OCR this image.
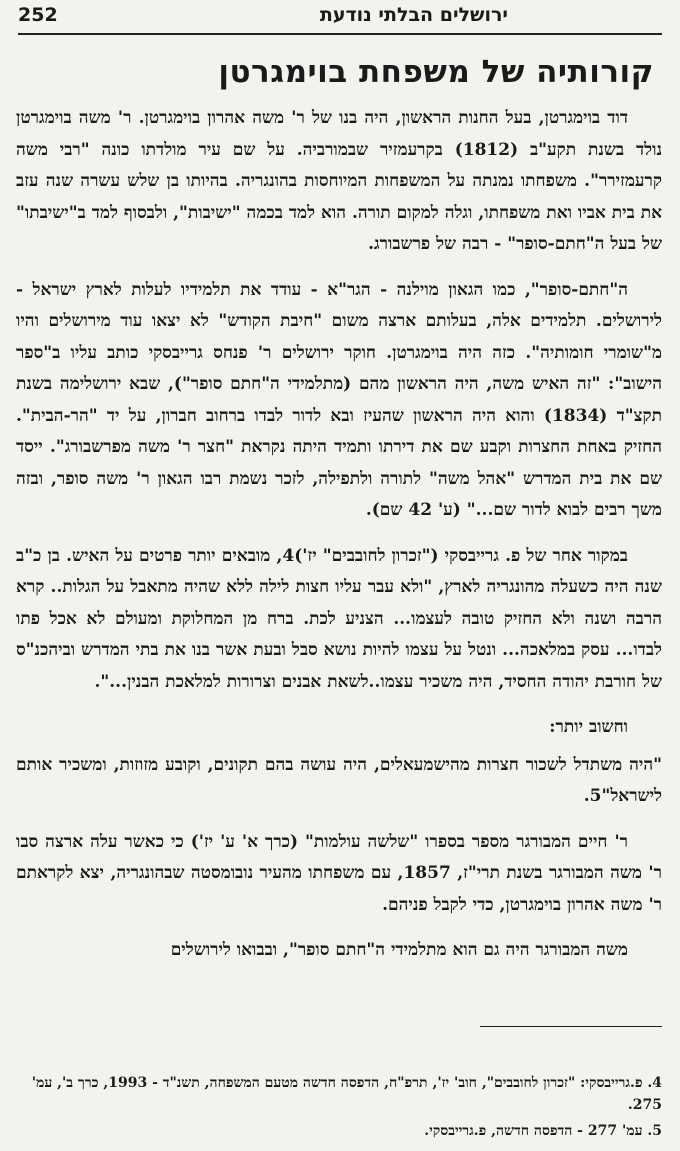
ירושלים הבלתי נודעת
252
קורותיה של משפחת בוימגרטן

דוד בוימגרטן, בעל החנות הראשון, היה בנו של ר' משה אהרון בוימגרטן. ר' משה בוימגרטן נולד בשנת תקע"ב (1812) בקרעמזיר שבמורביה. על שם עיר מולדתו כונה "רבי משה קרעמזירר". משפחתו נמנתה על המשפחות המיוחסות בהונגריה. בהיותו בן שלש עשרה שנה עזב את בית אביו ואת משפחתו, וגלה למקום תורה. הוא למד בכמה "ישיבות", ולבסוף למד ב"ישיבתו" של בעל ה"חתם-סופר" - רבה של פרשבורג.

ה"חתם-סופר", כמו הגאון מוילנה - הגר"א - עודד את תלמידיו לעלות לארץ ישראל - לירושלים. תלמידים אלה, בעלותם ארצה משום "חיבת הקודש" לא יצאו עוד מירושלים והיו מ"שומרי חומותיה". כזה היה בוימגרטן. חוקר ירושלים ר' פנחס גרייבסקי כותב עליו ב"ספר הישוב": "זה האיש משה, היה הראשון מהם (מתלמידי ה"חתם סופר"), שבא ירושלימה בשנת תקצ"ד (1834) והוא היה הראשון שהעיז ובא לדור לבדו ברחוב חברון, על יד "הר-הבית". החזיק באחת החצרות וקבע שם את דירתו ותמיד היתה נקראת "חצר ר' משה מפרשבורג". ייסד שם את בית המדרש "אהל משה" לתורה ולתפילה, לזכר נשמת רבו הגאון ר' משה סופר, ובזה משך רבים לבוא לדור שם..." (ע' 42 שם).

במקור אחר של פ. גרייבסקי ("זכרון לחובבים" יז')4, מובאים יותר פרטים על האיש. בן כ"ב שנה היה כשעלה מהונגריה לארץ, "ולא עבר עליו חצות לילה ללא שהיה מתאבל על הגלות.. קרא הרבה ושנה ולא החזיק טובה לעצמו... הצניע לכת. ברח מן המחלוקת ומעולם לא אכל פתו לבדו... עסק במלאכה... ונטל על עצמו להיות נושא סבל ובעת אשר בנו את בתי המדרש וביהכנ"ס של חורבת יהודה החסיד, היה משכיר עצמו..לשאת אבנים וצרורות למלאכת הבנין...".

וחשוב יותר:

"היה משתדל לשכור חצרות מהישמעאלים, היה עושה בהם תקונים, וקובע מזוזות, ומשכיר אותם לישראל"5.

ר' חיים המבורגר מספר בספרו "שלשה עולמות" (כרך א' ע' יז') כי כאשר עלה ארצה סבו ר' משה המבורגר בשנת תרי"ז, 1857, עם משפחתו מהעיר נובומסטה שבהונגריה, יצא לקראתם ר' משה אהרון בוימגרטן, כדי לקבל פניהם.

משה המבורגר היה גם הוא מתלמידי ה"חתם סופר", ובבואו לירושלים

4. פ.גרייבסקי: "זכרון לחובבים", חוב' יז', תרפ"ח, הדפסה חדשה מטעם המשפחה, תשנ"ד - 1993, כרך ב', עמ' 275.

5. עמ' 277 - הדפסה חדשה, פ.גרייבסקי.
